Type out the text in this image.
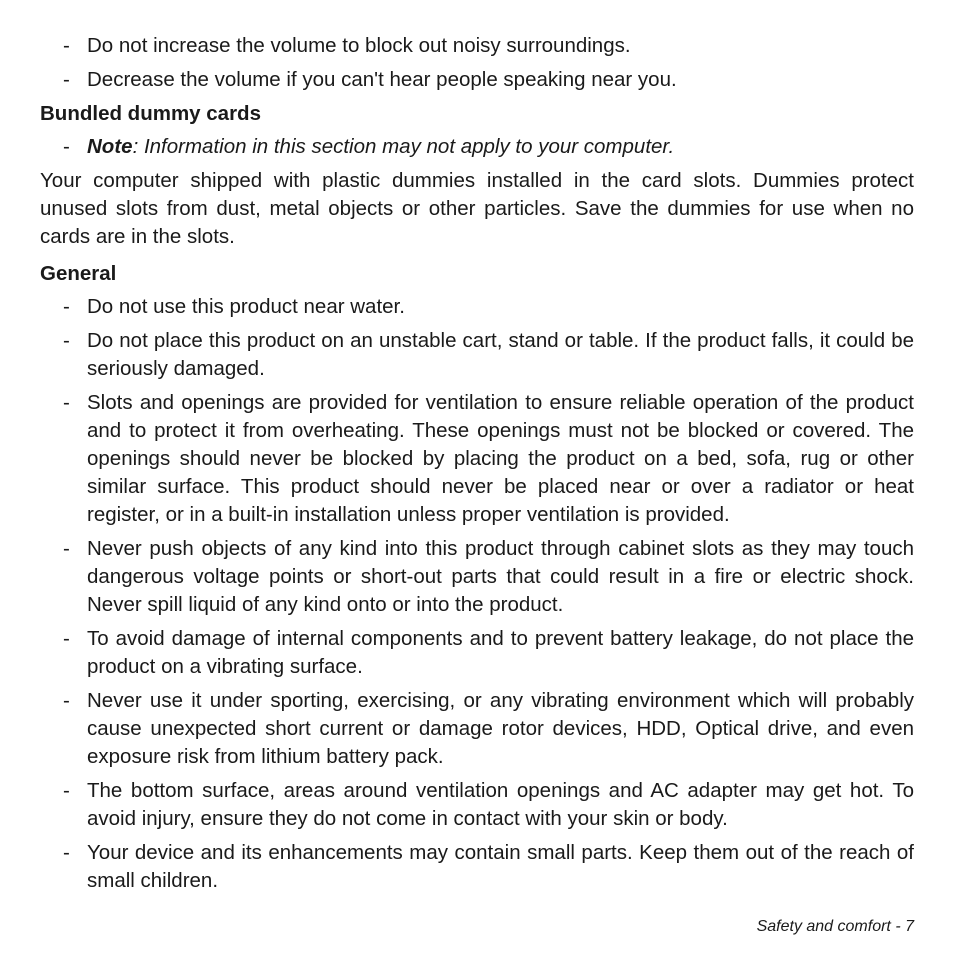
- Do not increase the volume to block out noisy surroundings.
- Decrease the volume if you can't hear people speaking near you.
Bundled dummy cards
- Note: Information in this section may not apply to your computer.
Your computer shipped with plastic dummies installed in the card slots. Dummies protect unused slots from dust, metal objects or other particles. Save the dummies for use when no cards are in the slots.
General
- Do not use this product near water.
- Do not place this product on an unstable cart, stand or table. If the product falls, it could be seriously damaged.
- Slots and openings are provided for ventilation to ensure reliable operation of the product and to protect it from overheating. These openings must not be blocked or covered. The openings should never be blocked by placing the product on a bed, sofa, rug or other similar surface. This product should never be placed near or over a radiator or heat register, or in a built-in installation unless proper ventilation is provided.
- Never push objects of any kind into this product through cabinet slots as they may touch dangerous voltage points or short-out parts that could result in a fire or electric shock. Never spill liquid of any kind onto or into the product.
- To avoid damage of internal components and to prevent battery leakage, do not place the product on a vibrating surface.
- Never use it under sporting, exercising, or any vibrating environment which will probably cause unexpected short current or damage rotor devices, HDD, Optical drive, and even exposure risk from lithium battery pack.
- The bottom surface, areas around ventilation openings and AC adapter may get hot. To avoid injury, ensure they do not come in contact with your skin or body.
- Your device and its enhancements may contain small parts. Keep them out of the reach of small children.
Safety and comfort - 7
